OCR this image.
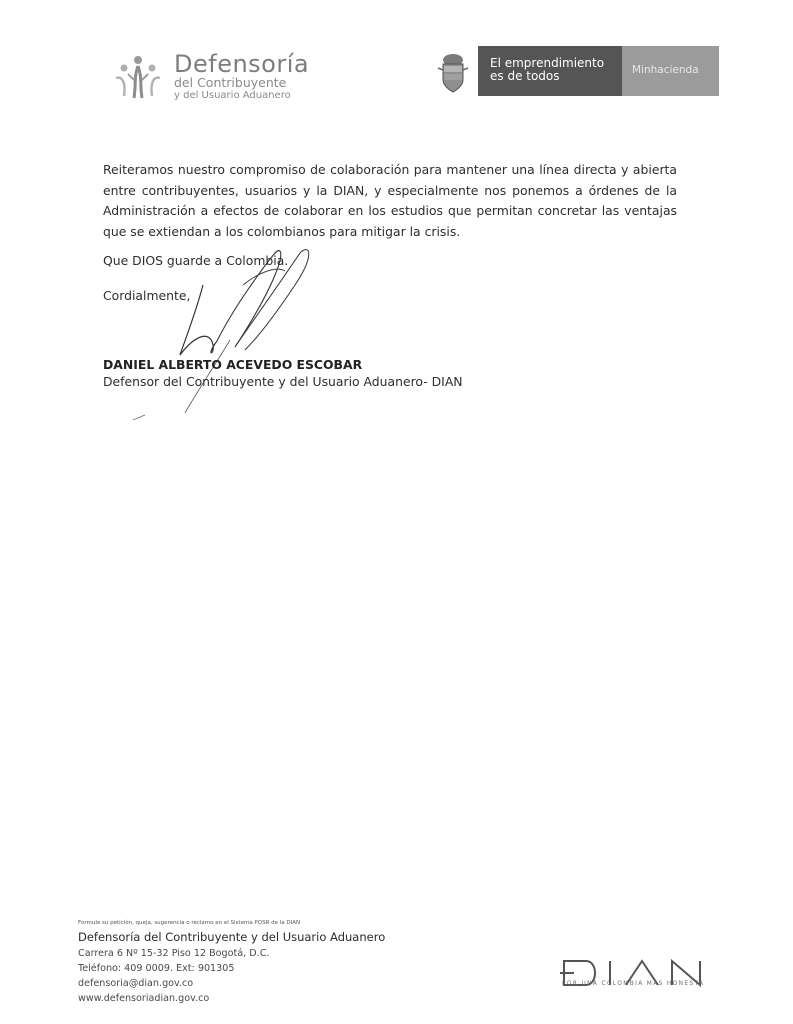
Defensoría
del Contribuyente
y del Usuario Aduanero
El emprendimiento
es de todos	Minhacienda
Reiteramos nuestro compromiso de colaboración para mantener una línea directa y abierta entre contribuyentes, usuarios y la DIAN, y especialmente nos ponemos a órdenes de la Administración a efectos de colaborar en los estudios que permitan concretar las ventajas que se extiendan a los colombianos para mitigar la crisis.
Que DIOS guarde a Colombia.
Cordialmente,
DANIEL ALBERTO ACEVEDO ESCOBAR
Defensor del Contribuyente y del Usuario Aduanero- DIAN
Formule su petición, queja, sugerencia o reclamo en el Sistema PQSR de la DIAN
Defensoría del Contribuyente y del Usuario Aduanero
Carrera 6 Nº 15-32 Piso 12 Bogotá, D.C.
Teléfono: 409 0009. Ext: 901305
defensoria@dian.gov.co
www.defensoriadian.gov.co
POR UNA COLOMBIA MÁS HONESTA
